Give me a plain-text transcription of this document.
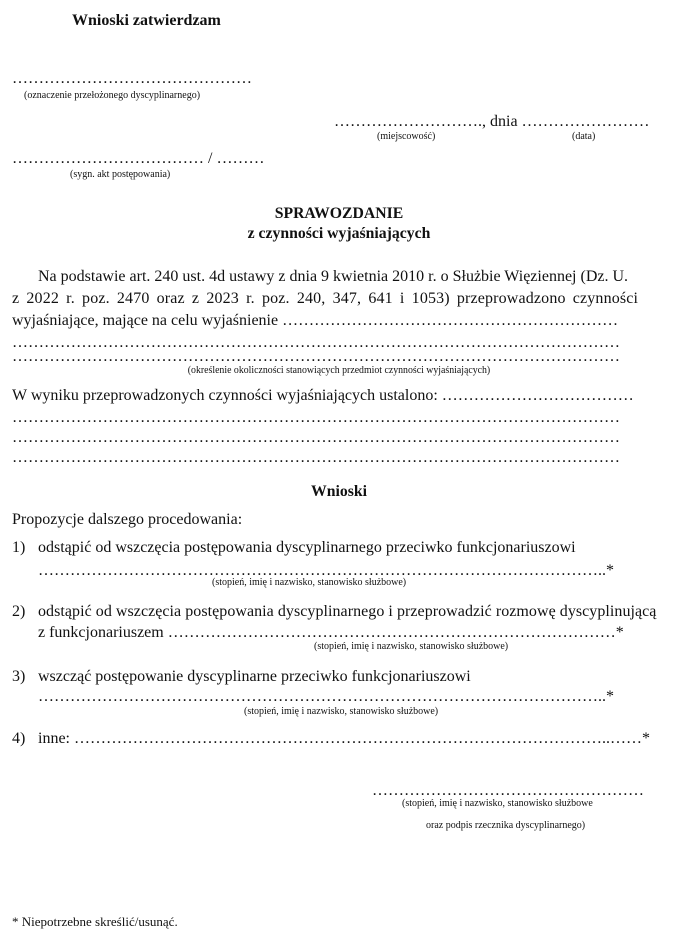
Wnioski zatwierdzam
………………………………………
(oznaczenie przełożonego dyscyplinarnego)
………………………., dnia ……………………
(miejscowość)	(data)
……………………………… / ………
(sygn. akt postępowania)
SPRAWOZDANIE
z czynności wyjaśniających
Na podstawie art. 240 ust. 4d ustawy z dnia 9 kwietnia 2010 r. o Służbie Więziennej (Dz. U.
z 2022 r. poz. 2470 oraz z 2023 r. poz. 240, 347, 641 i 1053) przeprowadzono czynności
wyjaśniające, mające na celu wyjaśnienie ………………………………………………………
……………………………………………………………………………………………………
……………………………………………………………………………………………………
(określenie okoliczności stanowiących przedmiot czynności wyjaśniających)
W wyniku przeprowadzonych czynności wyjaśniających ustalono: ………………………………
……………………………………………………………………………………………………
……………………………………………………………………………………………………
……………………………………………………………………………………………………
Wnioski
Propozycje dalszego procedowania:
1) odstąpić od wszczęcia postępowania dyscyplinarnego przeciwko funkcjonariuszowi
……………………………………………………………………………………………..*
(stopień, imię i nazwisko, stanowisko służbowe)
2) odstąpić od wszczęcia postępowania dyscyplinarnego i przeprowadzić rozmowę dyscyplinującą
z funkcjonariuszem …………………………………………………………………………*
(stopień, imię i nazwisko, stanowisko służbowe)
3) wszcząć postępowanie dyscyplinarne przeciwko funkcjonariuszowi
……………………………………………………………………………………………..*
(stopień, imię i nazwisko, stanowisko służbowe)
4) inne: ………………………………………………………………………………………..……*
……………………………………………
(stopień, imię i nazwisko, stanowisko służbowe
oraz podpis rzecznika dyscyplinarnego)
* Niepotrzebne skreślić/usunąć.
